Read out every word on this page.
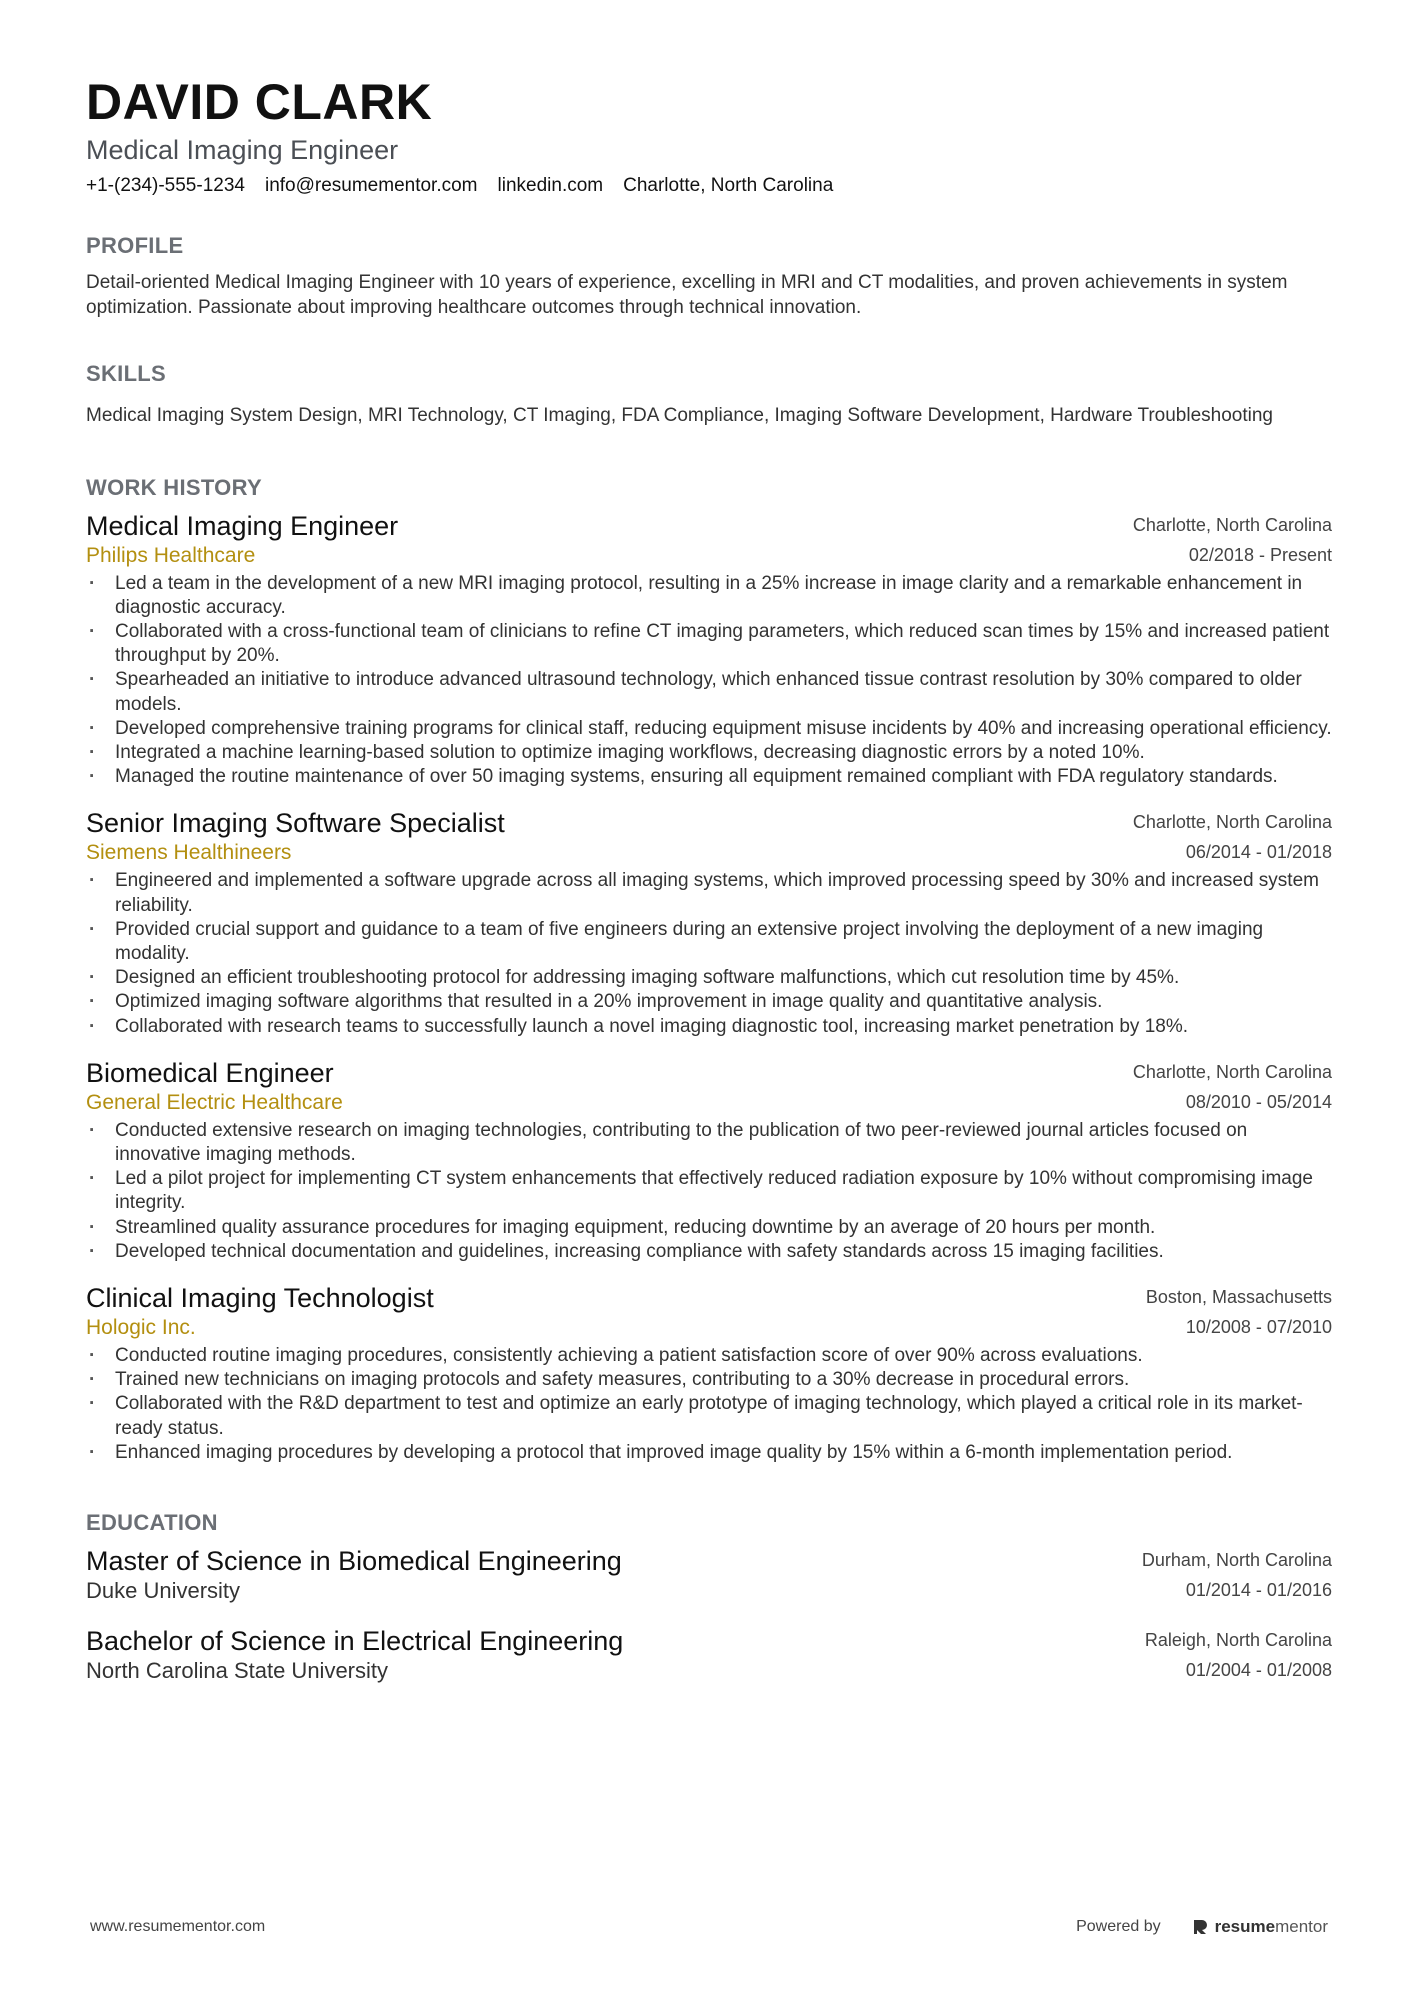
DAVID CLARK
Medical Imaging Engineer
+1-(234)-555-1234 info@resumementor.com linkedin.com Charlotte, North Carolina
PROFILE
Detail-oriented Medical Imaging Engineer with 10 years of experience, excelling in MRI and CT modalities, and proven achievements in system optimization. Passionate about improving healthcare outcomes through technical innovation.
SKILLS
Medical Imaging System Design, MRI Technology, CT Imaging, FDA Compliance, Imaging Software Development, Hardware Troubleshooting
WORK HISTORY
Medical Imaging Engineer
Philips Healthcare
Charlotte, North Carolina
02/2018 - Present
· Led a team in the development of a new MRI imaging protocol, resulting in a 25% increase in image clarity and a remarkable enhancement in diagnostic accuracy.
· Collaborated with a cross-functional team of clinicians to refine CT imaging parameters, which reduced scan times by 15% and increased patient throughput by 20%.
· Spearheaded an initiative to introduce advanced ultrasound technology, which enhanced tissue contrast resolution by 30% compared to older models.
· Developed comprehensive training programs for clinical staff, reducing equipment misuse incidents by 40% and increasing operational efficiency.
· Integrated a machine learning-based solution to optimize imaging workflows, decreasing diagnostic errors by a noted 10%.
· Managed the routine maintenance of over 50 imaging systems, ensuring all equipment remained compliant with FDA regulatory standards.
Senior Imaging Software Specialist
Siemens Healthineers
Charlotte, North Carolina
06/2014 - 01/2018
· Engineered and implemented a software upgrade across all imaging systems, which improved processing speed by 30% and increased system reliability.
· Provided crucial support and guidance to a team of five engineers during an extensive project involving the deployment of a new imaging modality.
· Designed an efficient troubleshooting protocol for addressing imaging software malfunctions, which cut resolution time by 45%.
· Optimized imaging software algorithms that resulted in a 20% improvement in image quality and quantitative analysis.
· Collaborated with research teams to successfully launch a novel imaging diagnostic tool, increasing market penetration by 18%.
Biomedical Engineer
General Electric Healthcare
Charlotte, North Carolina
08/2010 - 05/2014
· Conducted extensive research on imaging technologies, contributing to the publication of two peer-reviewed journal articles focused on innovative imaging methods.
· Led a pilot project for implementing CT system enhancements that effectively reduced radiation exposure by 10% without compromising image integrity.
· Streamlined quality assurance procedures for imaging equipment, reducing downtime by an average of 20 hours per month.
· Developed technical documentation and guidelines, increasing compliance with safety standards across 15 imaging facilities.
Clinical Imaging Technologist
Hologic Inc.
Boston, Massachusetts
10/2008 - 07/2010
· Conducted routine imaging procedures, consistently achieving a patient satisfaction score of over 90% across evaluations.
· Trained new technicians on imaging protocols and safety measures, contributing to a 30% decrease in procedural errors.
· Collaborated with the R&D department to test and optimize an early prototype of imaging technology, which played a critical role in its market-ready status.
· Enhanced imaging procedures by developing a protocol that improved image quality by 15% within a 6-month implementation period.
EDUCATION
Master of Science in Biomedical Engineering
Duke University
Durham, North Carolina
01/2014 - 01/2016
Bachelor of Science in Electrical Engineering
North Carolina State University
Raleigh, North Carolina
01/2004 - 01/2008
www.resumementor.com	Powered by	resumementor
